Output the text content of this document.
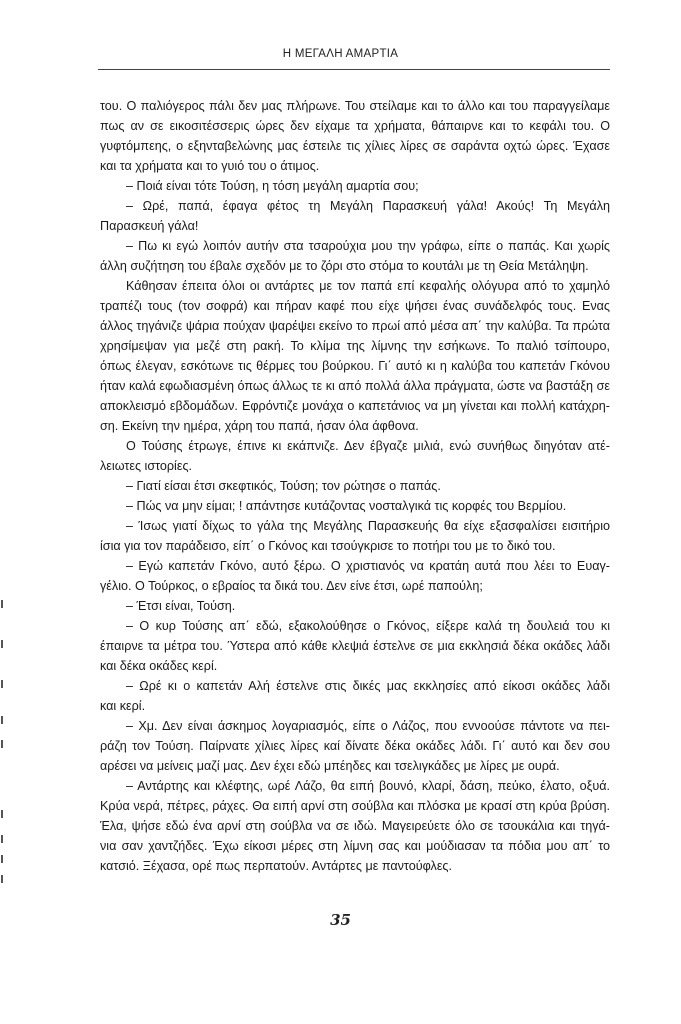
Η ΜΕΓΑΛΗ ΑΜΑΡΤΙΑ
του. Ο παλιόγερος πάλι δεν μας πλήρωνε. Του στείλαμε και το άλλο και του παραγγείλαμε
πως αν σε εικοσιτέσσερις ώρες δεν είχαμε τα χρήματα, θάπαιρνε και το κεφάλι του. Ο
γυφτόμπεης, ο εξηνταβελώνης μας έστειλε τις χίλιες λίρες σε σαράντα οχτώ ώρες. Έχασε
και τα χρήματα και το γυιό του ο άτιμος.
– Ποιά είναι τότε Τούση, η τόση μεγάλη αμαρτία σου;
– Ωρέ, παπά, έφαγα φέτος τη Μεγάλη Παρασκευή γάλα! Ακούς! Τη Μεγάλη
Παρασκευή γάλα!
– Πω κι εγώ λοιπόν αυτήν στα τσαρούχια μου την γράφω, είπε ο παπάς. Και χωρίς
άλλη συζήτηση του έβαλε σχεδόν με το ζόρι στο στόμα το κουτάλι με τη Θεία Μετάληψη.
Κάθησαν έπειτα όλοι οι αντάρτες με τον παπά επί κεφαλής ολόγυρα από το χαμηλό
τραπέζι τους (τον σοφρά) και πήραν καφέ που είχε ψήσει ένας συνάδελφός τους. Ενας
άλλος τηγάνιζε ψάρια πούχαν ψαρέψει εκείνο το πρωί από μέσα απ΄ την καλύβα. Τα πρώτα
χρησίμεψαν για μεζέ στη ρακή. Το κλίμα της λίμνης την εσήκωνε. Το παλιό τσίπουρο,
όπως έλεγαν, εσκότωνε τις θέρμες του βούρκου. Γι΄ αυτό κι η καλύβα του καπετάν Γκόνου
ήταν καλά εφωδιασμένη όπως άλλως τε κι από πολλά άλλα πράγματα, ώστε να βαστάξη σε
αποκλεισμό εβδομάδων. Εφρόντιζε μονάχα ο καπετάνιος να μη γίνεται και πολλή κατάχρη-
ση. Εκείνη την ημέρα, χάρη του παπά, ήσαν όλα άφθονα.
Ο Τούσης έτρωγε, έπινε κι εκάπνιζε. Δεν έβγαζε μιλιά, ενώ συνήθως διηγόταν ατέ-
λειωτες ιστορίες.
– Γιατί είσαι έτσι σκεφτικός, Τούση; τον ρώτησε ο παπάς.
– Πώς να μην είμαι; ! απάντησε κυτάζοντας νοσταλγικά τις κορφές του Βερμίου.
– Ίσως γιατί δίχως το γάλα της Μεγάλης Παρασκευής θα είχε εξασφαλίσει εισιτήριο
ίσια για τον παράδεισο, είπ΄ ο Γκόνος και τσούγκρισε το ποτήρι του με το δικό του.
– Εγώ καπετάν Γκόνο, αυτό ξέρω. Ο χριστιανός να κρατάη αυτά που λέει το Ευαγ-
γέλιο. Ο Τούρκος, ο εβραίος τα δικά του. Δεν είνε έτσι, ωρέ παπούλη;
– Έτσι είναι, Τούση.
– Ο κυρ Τούσης απ΄ εδώ, εξακολούθησε ο Γκόνος, είξερε καλά τη δουλειά του κι
έπαιρνε τα μέτρα του. Ύστερα από κάθε κλεψιά έστελνε σε μια εκκλησιά δέκα οκάδες λάδι
και δέκα οκάδες κερί.
– Ωρέ κι ο καπετάν Αλή έστελνε στις δικές μας εκκλησίες από είκοσι οκάδες λάδι
και κερί.
– Χμ. Δεν είναι άσκημος λογαριασμός, είπε ο Λάζος, που εννοούσε πάντοτε να πει-
ράζη τον Τούση. Παίρνατε χίλιες λίρες καί δίνατε δέκα οκάδες λάδι. Γι΄ αυτό και δεν σου
αρέσει να μείνεις μαζί μας. Δεν έχει εδώ μπέηδες και τσελιγκάδες με λίρες με ουρά.
– Αντάρτης και κλέφτης, ωρέ Λάζο, θα ειπή βουνό, κλαρί, δάση, πεύκο, έλατο, οξυά.
Κρύα νερά, πέτρες, ράχες. Θα ειπή αρνί στη σούβλα και πλόσκα με κρασί στη κρύα βρύση.
Έλα, ψήσε εδώ ένα αρνί στη σούβλα να σε ιδώ. Μαγειρεύετε όλο σε τσουκάλια και τηγά-
νια σαν χαντζήδες. Έχω είκοσι μέρες στη λίμνη σας και μούδιασαν τα πόδια μου απ΄ το
κατσιό. Ξέχασα, ορέ πως περπατούν. Αντάρτες με παντούφλες.
35
